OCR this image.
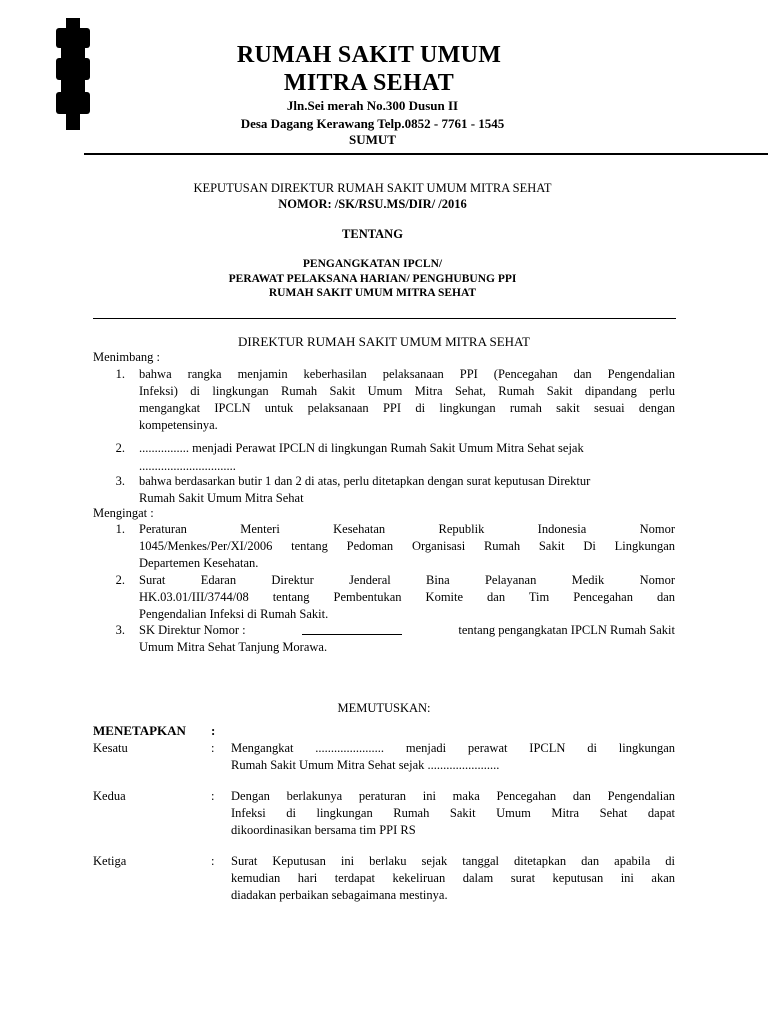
RUMAH SAKIT UMUM
MITRA SEHAT
Jln.Sei merah No.300 Dusun II
Desa Dagang Kerawang Telp.0852 - 7761 - 1545
SUMUT
KEPUTUSAN DIREKTUR RUMAH SAKIT UMUM MITRA SEHAT
NOMOR: /SK/RSU.MS/DIR/ /2016
TENTANG
PENGANGKATAN IPCLN/
PERAWAT PELAKSANA HARIAN/ PENGHUBUNG PPI
RUMAH SAKIT UMUM MITRA SEHAT
DIREKTUR RUMAH SAKIT UMUM MITRA SEHAT
Menimbang :
1. bahwa rangka menjamin keberhasilan pelaksanaan PPI (Pencegahan dan Pengendalian
Infeksi) di lingkungan Rumah Sakit Umum Mitra Sehat, Rumah Sakit dipandang perlu
mengangkat IPCLN untuk pelaksanaan PPI di lingkungan rumah sakit sesuai dengan
kompetensinya.
2. ................ menjadi Perawat IPCLN di lingkungan Rumah Sakit Umum Mitra Sehat sejak
...............................
3. bahwa berdasarkan butir 1 dan 2 di atas, perlu ditetapkan dengan surat keputusan Direktur
Rumah Sakit Umum Mitra Sehat
Mengingat :
1. Peraturan Menteri Kesehatan Republik Indonesia Nomor
1045/Menkes/Per/XI/2006 tentang Pedoman Organisasi Rumah Sakit Di Lingkungan
Departemen Kesehatan.
2. Surat Edaran Direktur Jenderal Bina Pelayanan Medik Nomor
HK.03.01/III/3744/08 tentang Pembentukan Komite dan Tim Pencegahan dan
Pengendalian Infeksi di Rumah Sakit.
3. SK Direktur Nomor :	tentang pengangkatan IPCLN Rumah Sakit
Umum Mitra Sehat Tanjung Morawa.
MEMUTUSKAN:
MENETAPKAN :
Kesatu	: Mengangkat ...................... menjadi perawat IPCLN di lingkungan
Rumah Sakit Umum Mitra Sehat sejak .......................
Kedua	: Dengan berlakunya peraturan ini maka Pencegahan dan Pengendalian
Infeksi di lingkungan Rumah Sakit Umum Mitra Sehat dapat
dikoordinasikan bersama tim PPI RS
Ketiga	: Surat Keputusan ini berlaku sejak tanggal ditetapkan dan apabila di
kemudian hari terdapat kekeliruan dalam surat keputusan ini akan
diadakan perbaikan sebagaimana mestinya.
